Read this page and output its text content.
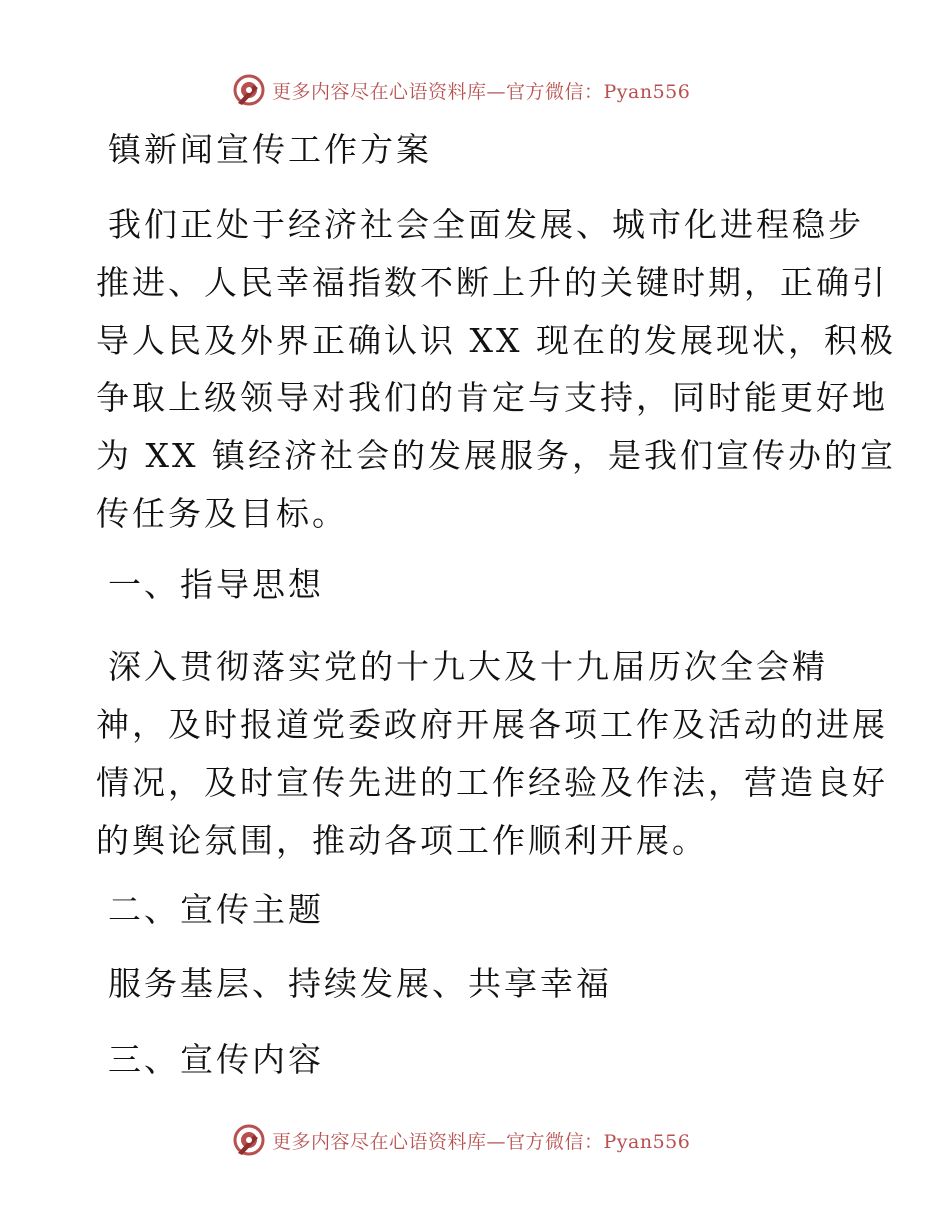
更多内容尽在心语资料库—官方微信：Pyan556

镇新闻宣传工作方案

我们正处于经济社会全面发展、城市化进程稳步
推进、人民幸福指数不断上升的关键时期，正确引
导人民及外界正确认识 XX 现在的发展现状，积极
争取上级领导对我们的肯定与支持，同时能更好地
为 XX 镇经济社会的发展服务，是我们宣传办的宣
传任务及目标。

一、指导思想

深入贯彻落实党的十九大及十九届历次全会精
神，及时报道党委政府开展各项工作及活动的进展
情况，及时宣传先进的工作经验及作法，营造良好
的舆论氛围，推动各项工作顺利开展。

二、宣传主题

服务基层、持续发展、共享幸福

三、宣传内容

更多内容尽在心语资料库—官方微信：Pyan556
